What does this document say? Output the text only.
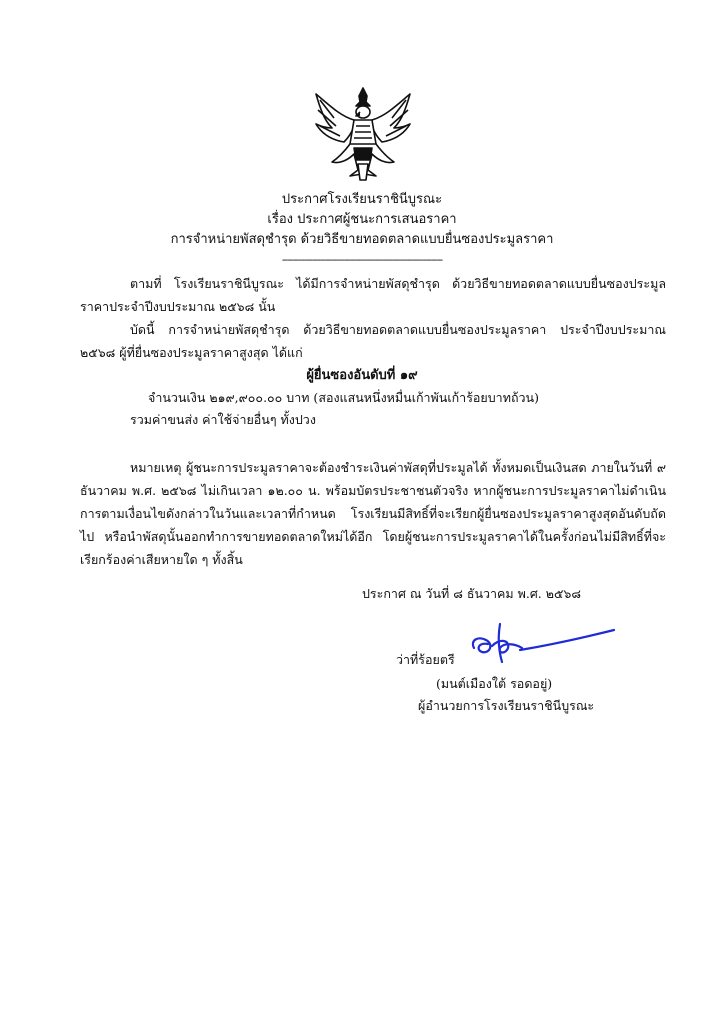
ประกาศโรงเรียนราชินีบูรณะ
เรื่อง ประกาศผู้ชนะการเสนอราคา
การจำหน่ายพัสดุชำรุด ด้วยวิธีขายทอดตลาดแบบยื่นซองประมูลราคา
-----------------------------------------------------------

ตามที่ โรงเรียนราชินีบูรณะ ได้มีการจำหน่ายพัสดุชำรุด ด้วยวิธีขายทอดตลาดแบบยื่นซองประมูลราคาประจำปีงบประมาณ ๒๕๖๘ นั้น

บัดนี้ การจำหน่ายพัสดุชำรุด ด้วยวิธีขายทอดตลาดแบบยื่นซองประมูลราคา ประจำปีงบประมาณ ๒๕๖๘ ผู้ที่ยื่นซองประมูลราคาสูงสุด ได้แก่

ผู้ยื่นซองอันดับที่ ๑๙
จำนวนเงิน ๒๑๙,๙๐๐.๐๐ บาท (สองแสนหนึ่งหมื่นเก้าพันเก้าร้อยบาทถ้วน)
รวมค่าขนส่ง ค่าใช้จ่ายอื่นๆ ทั้งปวง

หมายเหตุ ผู้ชนะการประมูลราคาจะต้องชำระเงินค่าพัสดุที่ประมูลได้ ทั้งหมดเป็นเงินสด ภายในวันที่ ๙ ธันวาคม พ.ศ. ๒๕๖๘ ไม่เกินเวลา ๑๒.๐๐ น. พร้อมบัตรประชาชนตัวจริง หากผู้ชนะการประมูลราคาไม่ดำเนินการตามเงื่อนไขดังกล่าวในวันและเวลาที่กำหนด โรงเรียนมีสิทธิ์ที่จะเรียกผู้ยื่นซองประมูลราคาสูงสุดอันดับถัดไป หรือนำพัสดุนั้นออกทำการขายทอดตลาดใหม่ได้อีก โดยผู้ชนะการประมูลราคาได้ในครั้งก่อนไม่มีสิทธิ์ที่จะเรียกร้องค่าเสียหายใด ๆ ทั้งสิ้น

ประกาศ ณ วันที่ ๘ ธันวาคม พ.ศ. ๒๕๖๘
ว่าที่ร้อยตรี
(มนต์เมืองใต้ รอดอยู่)
ผู้อำนวยการโรงเรียนราชินีบูรณะ
